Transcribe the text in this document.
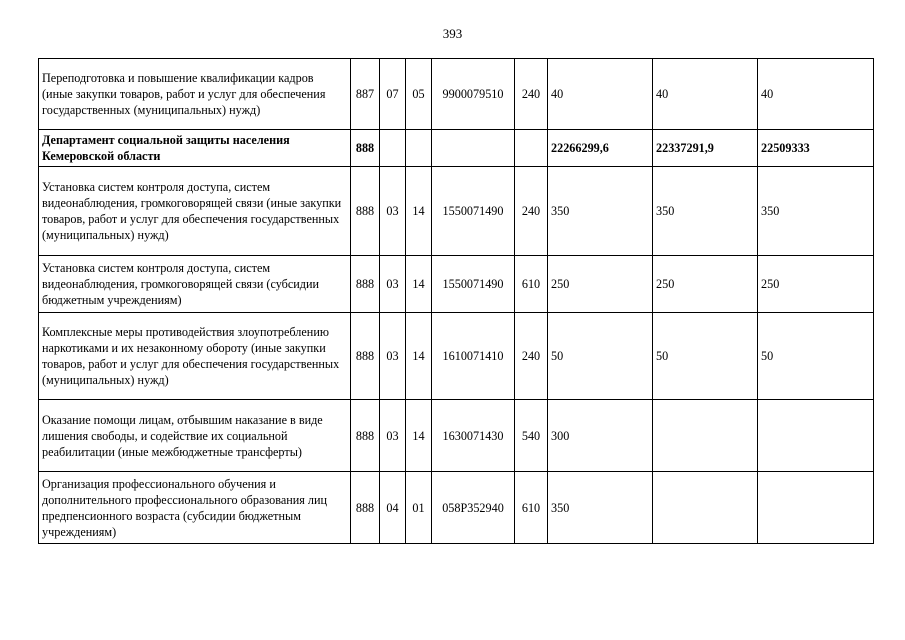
393
Переподготовка и повышение квалификации кадров (иные закупки товаров, работ и услуг для обеспечения государственных (муниципальных) нужд)	887	07	05	9900079510	240	40	40	40
Департамент социальной защиты населения Кемеровской области	888					22266299,6	22337291,9	22509333
Установка систем контроля доступа, систем видеонаблюдения, громкоговорящей связи (иные закупки товаров, работ и услуг для обеспечения государственных (муниципальных) нужд)	888	03	14	1550071490	240	350	350	350
Установка систем контроля доступа, систем видеонаблюдения, громкоговорящей связи (субсидии бюджетным учреждениям)	888	03	14	1550071490	610	250	250	250
Комплексные меры противодействия злоупотреблению наркотиками и их незаконному обороту (иные закупки товаров, работ и услуг для обеспечения государственных (муниципальных) нужд)	888	03	14	1610071410	240	50	50	50
Оказание помощи лицам, отбывшим наказание в виде лишения свободы, и содействие их социальной реабилитации (иные межбюджетные трансферты)	888	03	14	1630071430	540	300		
Организация профессионального обучения и дополнительного профессионального образования лиц предпенсионного возраста (субсидии бюджетным учреждениям)	888	04	01	058P352940	610	350		
